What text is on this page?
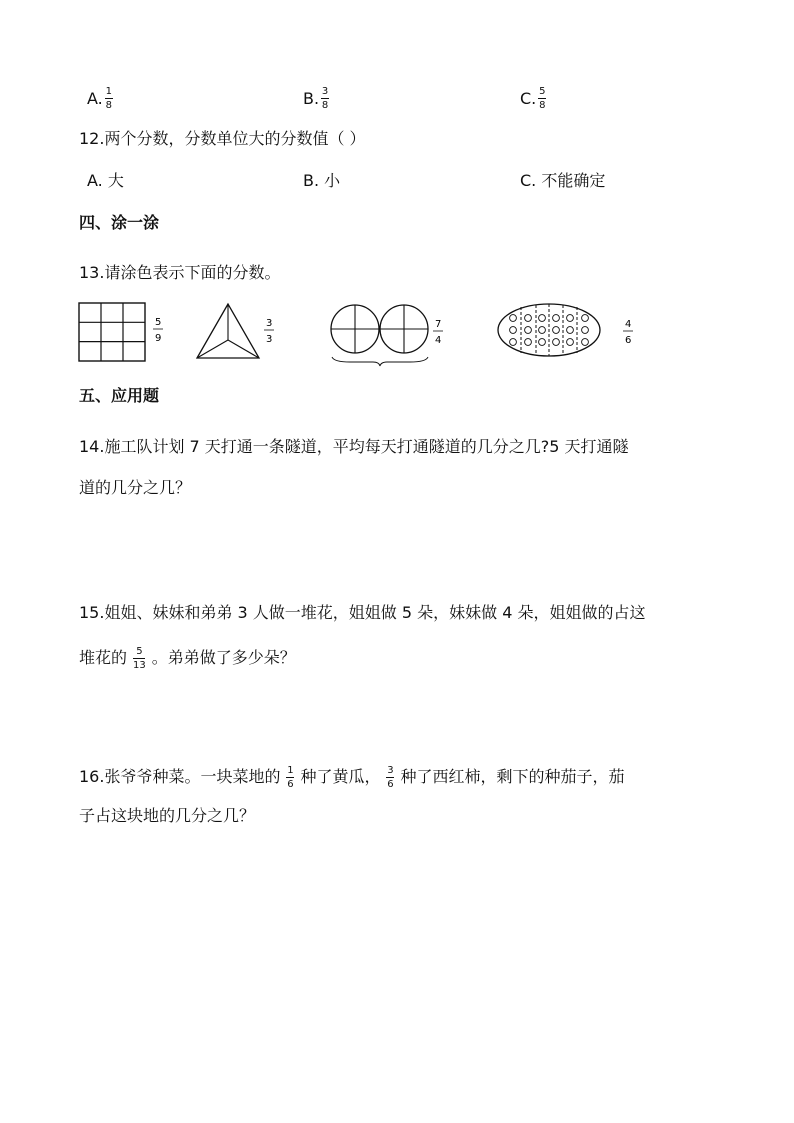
A. $\frac{1}{8}$	B. $\frac{3}{8}$	C. $\frac{5}{8}$
12.两个分数，分数单位大的分数值（ ）
A. 大	B. 小	C. 不能确定
四、涂一涂
13.请涂色表示下面的分数。
5
9
3
3
7
4
4
6
五、应用题
14.施工队计划 7 天打通一条隧道，平均每天打通隧道的几分之几?5 天打通隧
道的几分之几？
15.姐姐、妹妹和弟弟 3 人做一堆花，姐姐做 5 朵，妹妹做 4 朵，姐姐做的占这
堆花的 5
13 。弟弟做了多少朵？
16.张爷爷种菜。一块菜地的 1
6 种了黄瓜， 3
6 种了西红柿，剩下的种茄子，茄
子占这块地的几分之几？
